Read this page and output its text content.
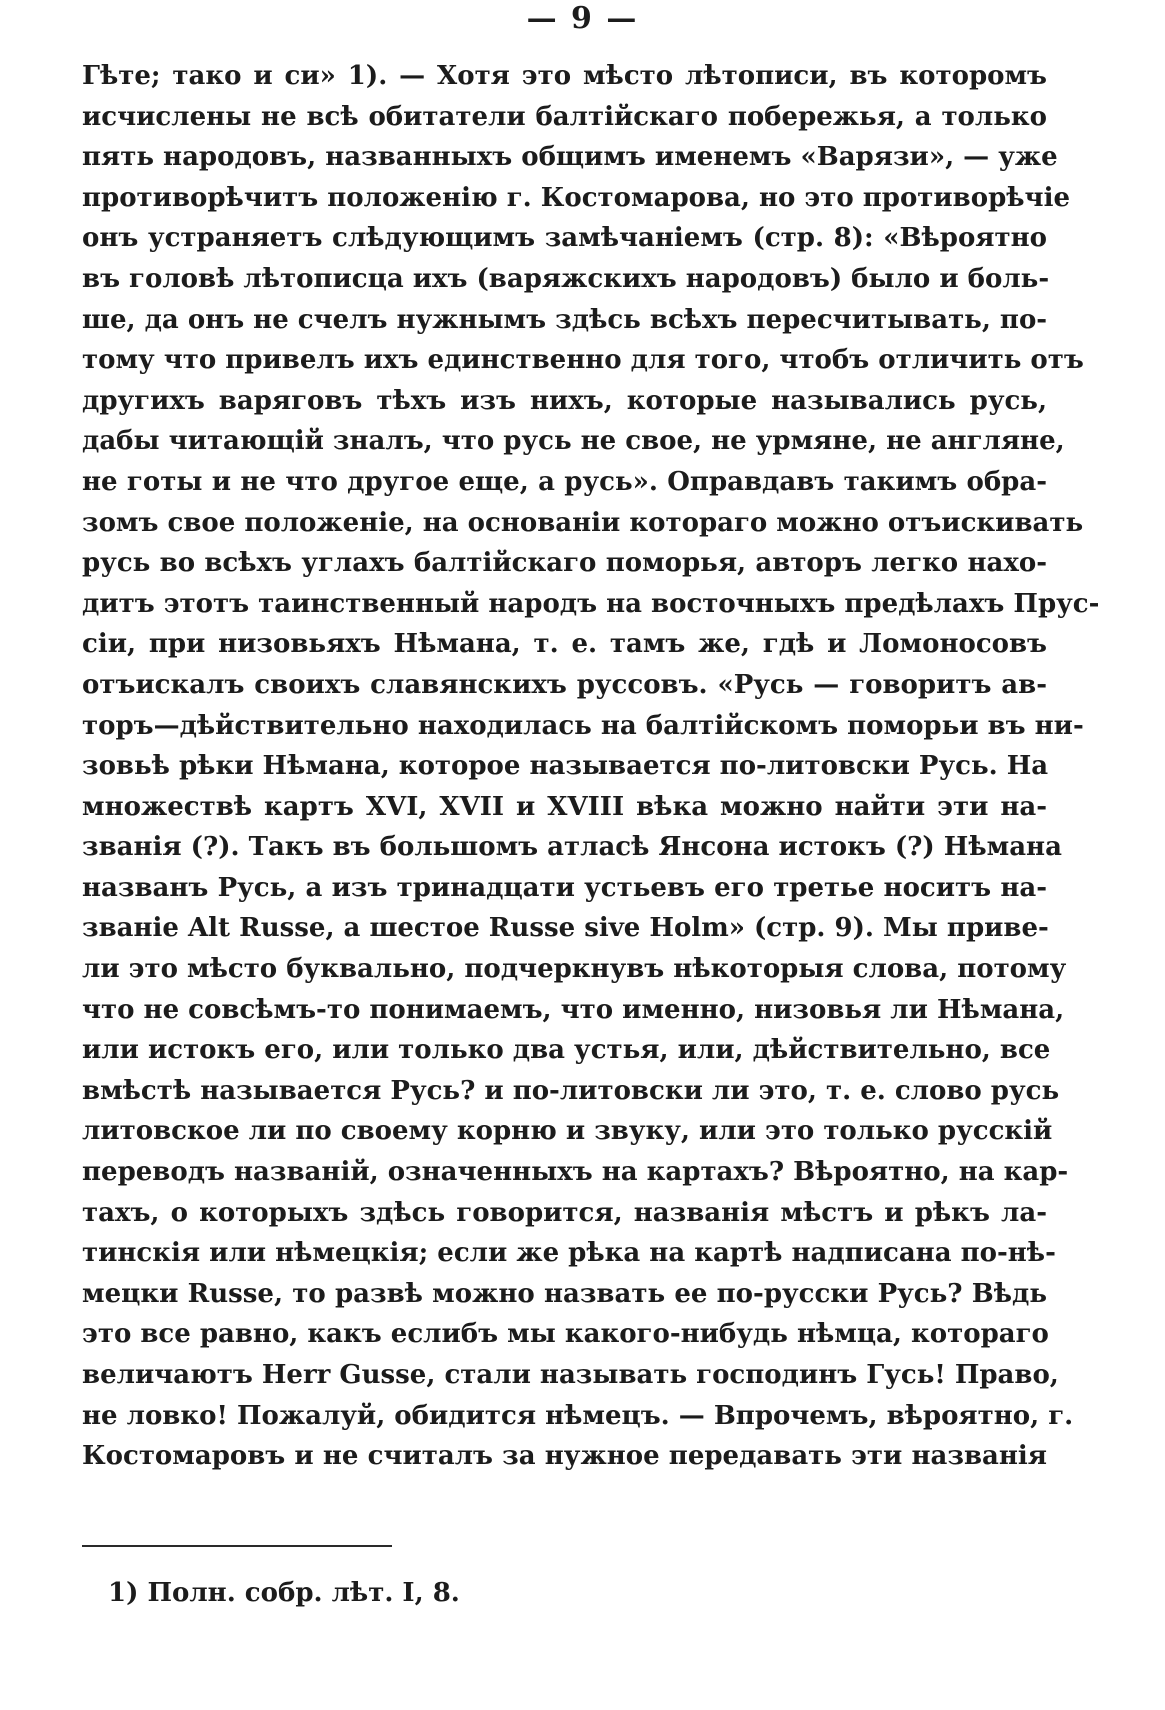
— 9 —
Гѣте; тако и си» 1). — Хотя это мѣсто лѣтописи, въ которомъ
исчислены не всѣ обитатели балтійскаго побережья, а только
пять народовъ, названныхъ общимъ именемъ «Варязи», — уже
противорѣчитъ положенію г. Костомарова, но это противорѣчіе
онъ устраняетъ слѣдующимъ замѣчаніемъ (стр. 8): «Вѣроятно
въ головѣ лѣтописца ихъ (варяжскихъ народовъ) было и боль-
ше, да онъ не счелъ нужнымъ здѣсь всѣхъ пересчитывать, по-
тому что привелъ ихъ единственно для того, чтобъ отличить отъ
другихъ варяговъ тѣхъ изъ нихъ, которые назывались русь,
дабы читающій зналъ, что русь не свое, не урмяне, не англяне,
не готы и не что другое еще, а русь». Оправдавъ такимъ обра-
зомъ свое положеніе, на основаніи котораго можно отъискивать
русь во всѣхъ углахъ балтійскаго поморья, авторъ легко нахо-
дитъ этотъ таинственный народъ на восточныхъ предѣлахъ Прус-
сіи, при низовьяхъ Нѣмана, т. е. тамъ же, гдѣ и Ломоносовъ
отъискалъ своихъ славянскихъ руссовъ. «Русь — говоритъ ав-
торъ—дѣйствительно находилась на балтійскомъ поморьи въ ни-
зовьѣ рѣки Нѣмана, которое называется по-литовски Русь. На
множествѣ картъ XVI, XVII и XVIII вѣка можно найти эти на-
званія (?). Такъ въ большомъ атласѣ Янсона истокъ (?) Нѣмана
названъ Русь, а изъ тринадцати устьевъ его третье носитъ на-
званіе Alt Russe, а шестое Russe sive Holm» (стр. 9). Мы приве-
ли это мѣсто буквально, подчеркнувъ нѣкоторыя слова, потому
что не совсѣмъ-то понимаемъ, что именно, низовья ли Нѣмана,
или истокъ его, или только два устья, или, дѣйствительно, все
вмѣстѣ называется Русь? и по-литовски ли это, т. е. слово русь
литовское ли по своему корню и звуку, или это только русскій
переводъ названій, означенныхъ на картахъ? Вѣроятно, на кар-
тахъ, о которыхъ здѣсь говорится, названія мѣстъ и рѣкъ ла-
тинскія или нѣмецкія; если же рѣка на картѣ надписана по-нѣ-
мецки Russe, то развѣ можно назвать ее по-русски Русь? Вѣдь
это все равно, какъ еслибъ мы какого-нибудь нѣмца, котораго
величаютъ Herr Gusse, стали называть господинъ Гусь! Право,
не ловко! Пожалуй, обидится нѣмецъ. — Впрочемъ, вѣроятно, г.
Костомаровъ и не считалъ за нужное передавать эти названія
1) Полн. собр. лѣт. I, 8.
